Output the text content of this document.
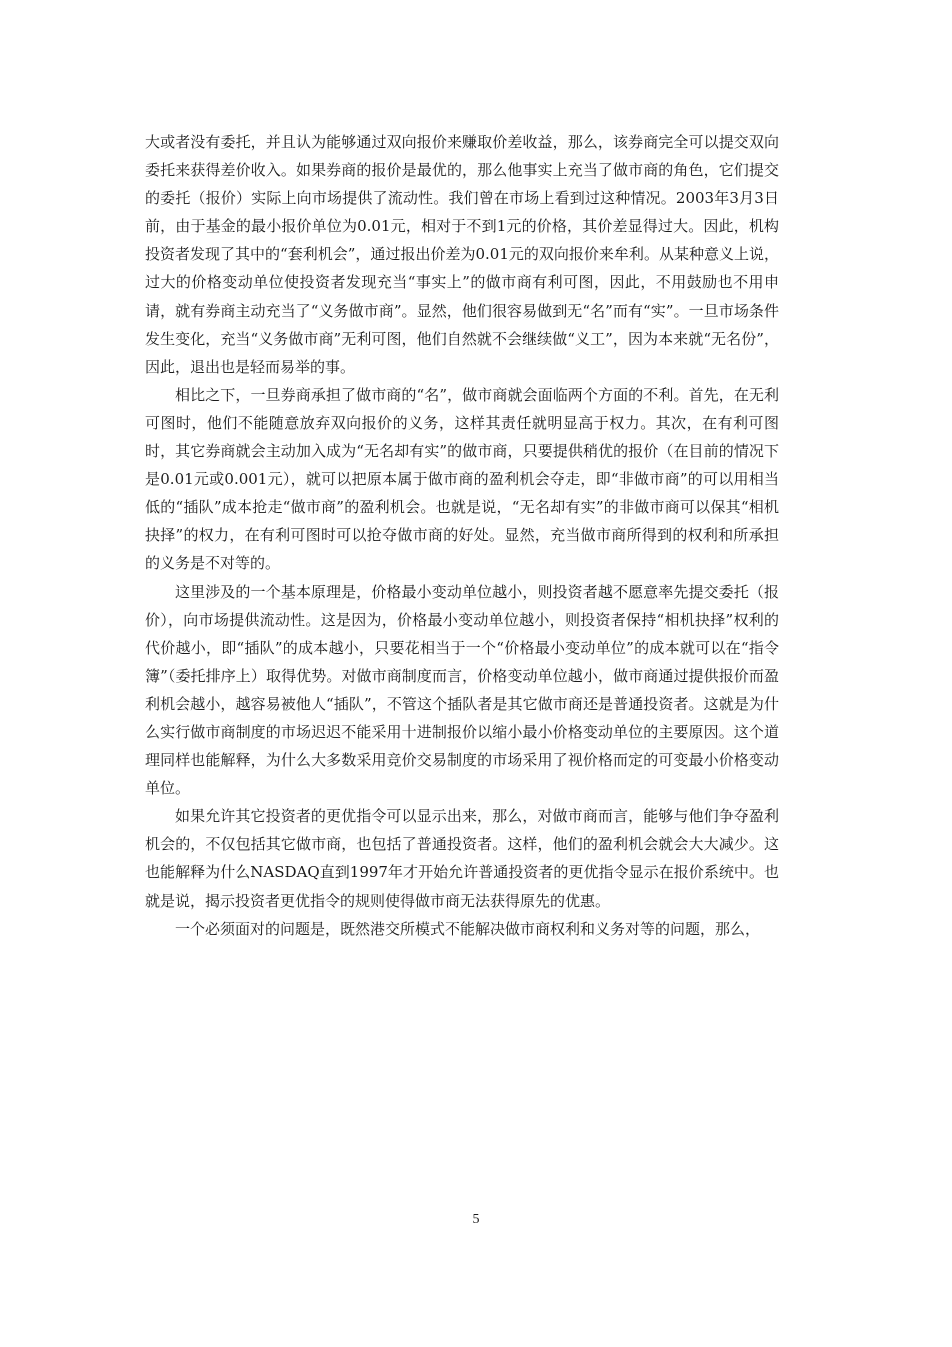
大或者没有委托，并且认为能够通过双向报价来赚取价差收益，那么，该券商完全可以提交双向委托来获得差价收入。如果券商的报价是最优的，那么他事实上充当了做市商的角色，它们提交的委托（报价）实际上向市场提供了流动性。我们曾在市场上看到过这种情况。2003年3月3日前，由于基金的最小报价单位为0.01元，相对于不到1元的价格，其价差显得过大。因此，机构投资者发现了其中的“套利机会”，通过报出价差为0.01元的双向报价来牟利。从某种意义上说，过大的价格变动单位使投资者发现充当“事实上”的做市商有利可图，因此，不用鼓励也不用申请，就有券商主动充当了“义务做市商”。显然，他们很容易做到无“名”而有“实”。一旦市场条件发生变化，充当“义务做市商”无利可图，他们自然就不会继续做“义工”，因为本来就“无名份”，因此，退出也是轻而易举的事。

相比之下，一旦券商承担了做市商的“名”，做市商就会面临两个方面的不利。首先，在无利可图时，他们不能随意放弃双向报价的义务，这样其责任就明显高于权力。其次，在有利可图时，其它券商就会主动加入成为“无名却有实”的做市商，只要提供稍优的报价（在目前的情况下是0.01元或0.001元），就可以把原本属于做市商的盈利机会夺走，即“非做市商”的可以用相当低的“插队”成本抢走“做市商”的盈利机会。也就是说，“无名却有实”的非做市商可以保其“相机抉择”的权力，在有利可图时可以抢夺做市商的好处。显然，充当做市商所得到的权利和所承担的义务是不对等的。

这里涉及的一个基本原理是，价格最小变动单位越小，则投资者越不愿意率先提交委托（报价），向市场提供流动性。这是因为，价格最小变动单位越小，则投资者保持“相机抉择”权利的代价越小，即“插队”的成本越小，只要花相当于一个“价格最小变动单位”的成本就可以在“指令簿”（委托排序上）取得优势。对做市商制度而言，价格变动单位越小，做市商通过提供报价而盈利机会越小，越容易被他人“插队”，不管这个插队者是其它做市商还是普通投资者。这就是为什么实行做市商制度的市场迟迟不能采用十进制报价以缩小最小价格变动单位的主要原因。这个道理同样也能解释，为什么大多数采用竞价交易制度的市场采用了视价格而定的可变最小价格变动单位。

如果允许其它投资者的更优指令可以显示出来，那么，对做市商而言，能够与他们争夺盈利机会的，不仅包括其它做市商，也包括了普通投资者。这样，他们的盈利机会就会大大减少。这也能解释为什么NASDAQ直到1997年才开始允许普通投资者的更优指令显示在报价系统中。也就是说，揭示投资者更优指令的规则使得做市商无法获得原先的优惠。

一个必须面对的问题是，既然港交所模式不能解决做市商权利和义务对等的问题，那么，

5
